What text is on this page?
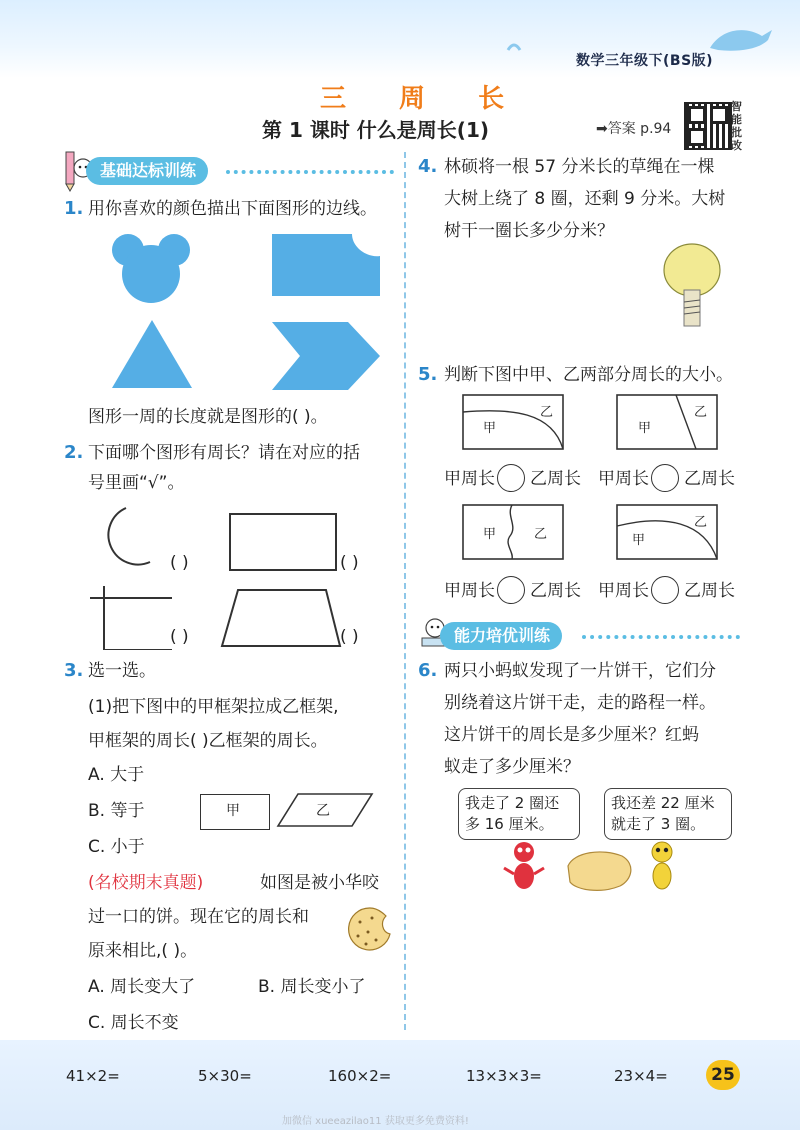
数学三年级下(BS版)
三 周 长
第 1 课时 什么是周长(1)	➡答案 p.94
智能批改
基础达标训练
1. 用你喜欢的颜色描出下面图形的边线。
图形一周的长度就是图形的( )。
2. 下面哪个图形有周长？请在对应的括
号里画“√”。
( )	( )
( )	( )
3. 选一选。
(1)把下图中的甲框架拉成乙框架,
甲框架的周长( )乙框架的周长。
A. 大于
B. 等于
C. 小于
甲	乙
(名校期末真题)	如图是被小华咬
过一口的饼。现在它的周长和
原来相比,( )。
A. 周长变大了	B. 周长变小了
C. 周长不变
4. 林硕将一根 57 分米长的草绳在一棵
大树上绕了 8 圈，还剩 9 分米。大树
树干一圈长多少分米？
5. 判断下图中甲、乙两部分周长的大小。
甲
乙
甲
乙
甲周长 乙周长 甲周长 乙周长
甲	乙	甲
乙
甲周长 乙周长 甲周长 乙周长
能力培优训练
6. 两只小蚂蚁发现了一片饼干，它们分
别绕着这片饼干走，走的路程一样。
这片饼干的周长是多少厘米？红蚂
蚁走了多少厘米？
我走了 2 圈还
多 16 厘米。
我还差 22 厘米
就走了 3 圈。
41×2=	5×30=	160×2=	13×3×3=	23×4=	25
加微信 xueeazilao11 获取更多免费资料!
